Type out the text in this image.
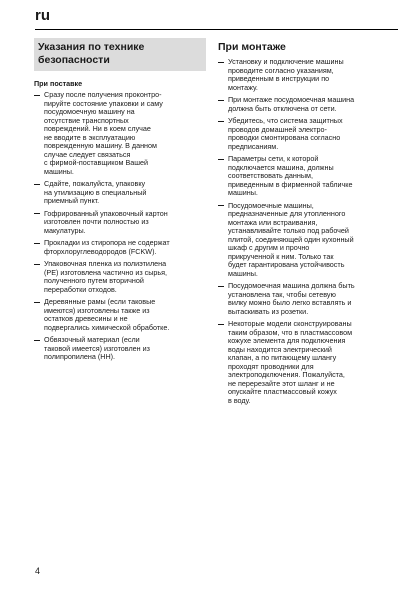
ru
Указания по технике
безопасности
При поставке
Сразу после получения проконтро-
пируйте состояние упаковки и саму
посудомоечную машину на
отсутствие транспортных
повреждений. Ни в коем случае
не вводите в эксплуатацию
поврежденную машину. В данном
случае следует связаться
с фирмой-поставщиком Вашей
машины.
Сдайте, пожалуйста, упаковку
на утилизацию в специальный
приемный пункт.
Гофрированный упаковочный картон
изготовлен почти полностью из
макулатуры.
Прокладки из стиропора не содержат
фторхлоруглеводородов (FCKW).
Упаковочная пленка из полиэтилена
(РЕ) изготовлена частично из сырья,
полученного путем вторичной
переработки отходов.
Деревянные рамы (если таковые
имеются) изготовлены также из
остатков древесины и не
подвергались химической обработке.
Обвязочный материал (если
таковой имеется) изготовлен из
полипропилена (НН).
При монтаже
Установку и подключение машины
проводите согласно указаниям,
приведенным в инструкции по
монтажу.
При монтаже посудомоечная машина
должна быть отключена от сети.
Убедитесь, что система защитных
проводов домашней электро-
проводки смонтирована согласно
предписаниям.
Параметры сети, к которой
подключается машина, должны
соответствовать данным,
приведенным в фирменной табличке
машины.
Посудомоечные машины,
предназначенные для утопленного
монтажа или встраивания,
устанавливайте только под рабочей
плитой, соединяющей один кухонный
шкаф с другим и прочно
прикрученной к ним. Только так
будет гарантирована устойчивость
машины.
Посудомоечная машина должна быть
установлена так, чтобы сетевую
вилку можно было легко вставлять и
вытаскивать из розетки.
Некоторые модели сконструированы
таким образом, что в пластмассовом
кожухе элемента для подключения
воды находится электрический
клапан, а по питающему шлангу
проходят проводники для
электроподключения. Пожалуйста,
не перерезайте этот шланг и не
опускайте пластмассовый кожух
в воду.
4
